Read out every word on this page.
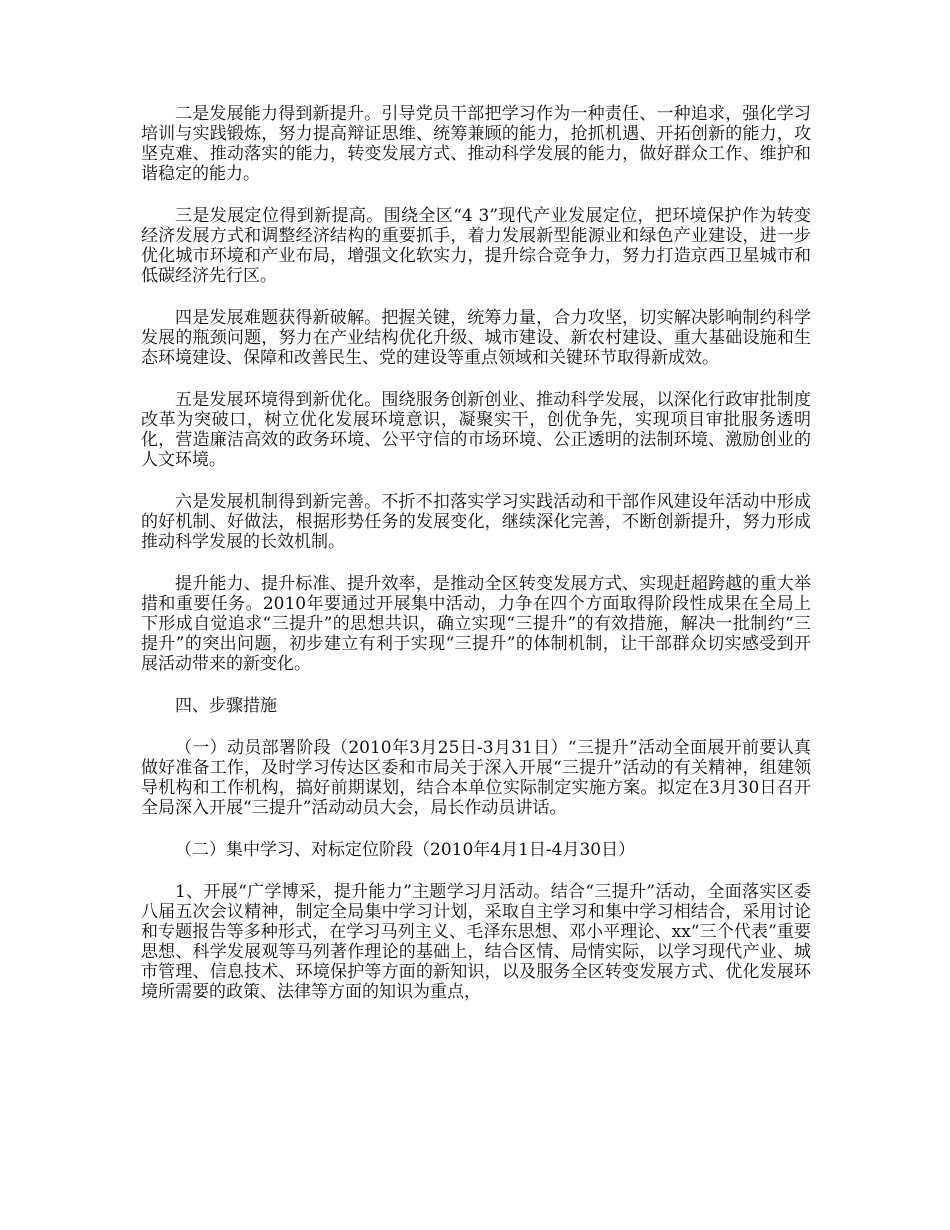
二是发展能力得到新提升。引导党员干部把学习作为一种责任、一种追求，强化学习培训与实践锻炼，努力提高辩证思维、统筹兼顾的能力，抢抓机遇、开拓创新的能力，攻坚克难、推动落实的能力，转变发展方式、推动科学发展的能力，做好群众工作、维护和谐稳定的能力。

三是发展定位得到新提高。围绕全区“4 3”现代产业发展定位，把环境保护作为转变经济发展方式和调整经济结构的重要抓手，着力发展新型能源业和绿色产业建设，进一步优化城市环境和产业布局，增强文化软实力，提升综合竞争力，努力打造京西卫星城市和低碳经济先行区。

四是发展难题获得新破解。把握关键，统筹力量，合力攻坚，切实解决影响制约科学发展的瓶颈问题，努力在产业结构优化升级、城市建设、新农村建设、重大基础设施和生态环境建设、保障和改善民生、党的建设等重点领域和关键环节取得新成效。

五是发展环境得到新优化。围绕服务创新创业、推动科学发展，以深化行政审批制度改革为突破口，树立优化发展环境意识，凝聚实干，创优争先，实现项目审批服务透明化，营造廉洁高效的政务环境、公平守信的市场环境、公正透明的法制环境、激励创业的人文环境。

六是发展机制得到新完善。不折不扣落实学习实践活动和干部作风建设年活动中形成的好机制、好做法，根据形势任务的发展变化，继续深化完善，不断创新提升，努力形成推动科学发展的长效机制。

提升能力、提升标准、提升效率，是推动全区转变发展方式、实现赶超跨越的重大举措和重要任务。2010年要通过开展集中活动，力争在四个方面取得阶段性成果在全局上下形成自觉追求“三提升”的思想共识，确立实现“三提升”的有效措施，解决一批制约“三提升”的突出问题，初步建立有利于实现“三提升”的体制机制，让干部群众切实感受到开展活动带来的新变化。

四、步骤措施

（一）动员部署阶段（2010年3月25日-3月31日）“三提升”活动全面展开前要认真做好准备工作，及时学习传达区委和市局关于深入开展“三提升”活动的有关精神，组建领导机构和工作机构，搞好前期谋划，结合本单位实际制定实施方案。拟定在3月30日召开全局深入开展“三提升”活动动员大会，局长作动员讲话。

（二）集中学习、对标定位阶段（2010年4月1日-4月30日）

1、开展“广学博采，提升能力”主题学习月活动。结合“三提升”活动，全面落实区委八届五次会议精神，制定全局集中学习计划，采取自主学习和集中学习相结合，采用讨论和专题报告等多种形式，在学习马列主义、毛泽东思想、邓小平理论、xx“三个代表”重要思想、科学发展观等马列著作理论的基础上，结合区情、局情实际，以学习现代产业、城市管理、信息技术、环境保护等方面的新知识，以及服务全区转变发展方式、优化发展环境所需要的政策、法律等方面的知识为重点，
